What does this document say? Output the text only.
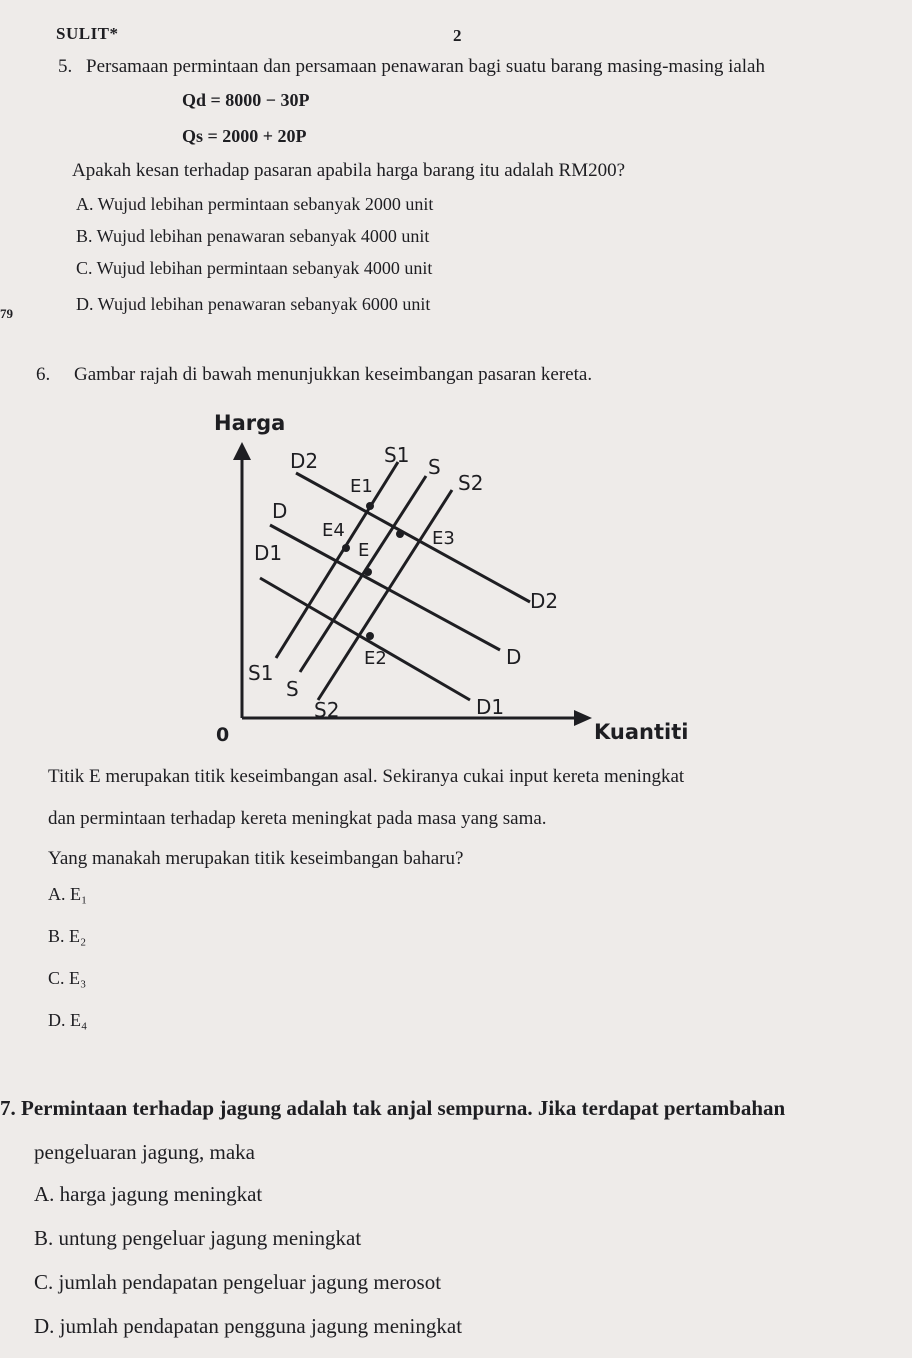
SULIT*	2
5. Persamaan permintaan dan persamaan penawaran bagi suatu barang masing-masing ialah
Qd = 8000 − 30P
Qs = 2000 + 20P
Apakah kesan terhadap pasaran apabila harga barang itu adalah RM200?
A. Wujud lebihan permintaan sebanyak 2000 unit
B. Wujud lebihan penawaran sebanyak 4000 unit
C. Wujud lebihan permintaan sebanyak 4000 unit
D. Wujud lebihan penawaran sebanyak 6000 unit
79
6. Gambar rajah di bawah menunjukkan keseimbangan pasaran kereta.
Harga
Kuantiti
0
D2
D
D1
S1 S
S2
E1
E4
E
E3
E2
D2
D
D1
S1
S
S2
Titik E merupakan titik keseimbangan asal. Sekiranya cukai input kereta meningkat
dan permintaan terhadap kereta meningkat pada masa yang sama.
Yang manakah merupakan titik keseimbangan baharu?
A. E₁
B. E₂
C. E₃
D. E₄
7. Permintaan terhadap jagung adalah tak anjal sempurna. Jika terdapat pertambahan
pengeluaran jagung, maka
A. harga jagung meningkat
B. untung pengeluar jagung meningkat
C. jumlah pendapatan pengeluar jagung merosot
D. jumlah pendapatan pengguna jagung meningkat
